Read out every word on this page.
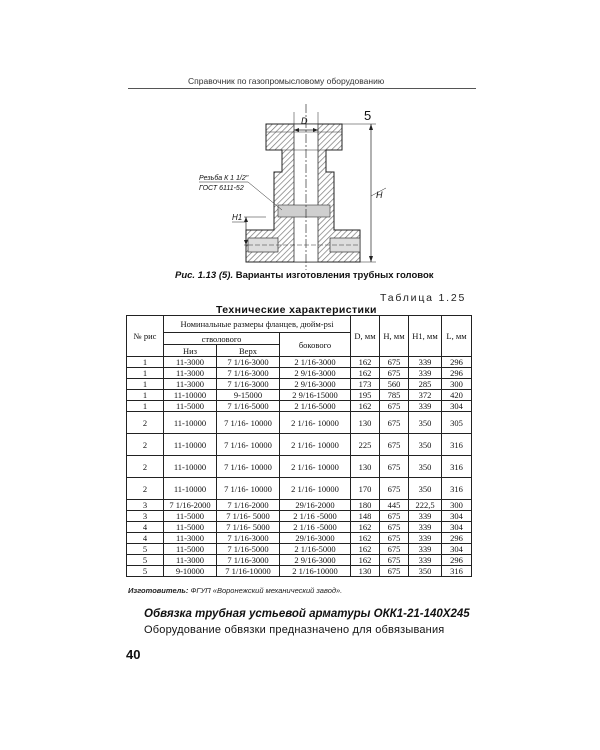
Справочник по газопромысловому оборудованию
D	5
H
H1
Резьба К 1 1/2"
ГОСТ 6111-52
Рис. 1.13 (5). Варианты изготовления трубных головок
Таблица 1.25
Технические характеристики
№ рис	Номинальные размеры фланцев, дюйм-psi			D, мм	H, мм	H1, мм	L, мм
	стволового		бокового				
	Низ	Верх					
1	11-3000	7 1/16-3000	2 1/16-3000	162	675	339	296
1	11-3000	7 1/16-3000	2 9/16-3000	162	675	339	296
1	11-3000	7 1/16-3000	2 9/16-3000	173	560	285	300
1	11-10000	9-15000	2 9/16-15000	195	785	372	420
1	11-5000	7 1/16-5000	2 1/16-5000	162	675	339	304
2	11-10000	7 1/16- 10000	2 1/16- 10000	130	675	350	305
2	11-10000	7 1/16- 10000	2 1/16- 10000	225	675	350	316
2	11-10000	7 1/16- 10000	2 1/16- 10000	130	675	350	316
2	11-10000	7 1/16- 10000	2 1/16- 10000	170	675	350	316
3	7 1/16-2000	7 1/16-2000	29/16-2000	180	445	222,5	300
3	11-5000	7 1/16- 5000	2 1/16 -5000	148	675	339	304
4	11-5000	7 1/16- 5000	2 1/16 -5000	162	675	339	304
4	11-3000	7 1/16-3000	29/16-3000	162	675	339	296
5	11-5000	7 1/16-5000	2 1/16-5000	162	675	339	304
5	11-3000	7 1/16-3000	2 9/16-3000	162	675	339	296
5	9-10000	7 1/16-10000	2 1/16-10000	130	675	350	316
Изготовитель: ФГУП «Воронежский механический завод».
Обвязка трубная устьевой арматуры ОКК1-21-140Х245
Оборудование обвязки предназначено для обвязывания
40
